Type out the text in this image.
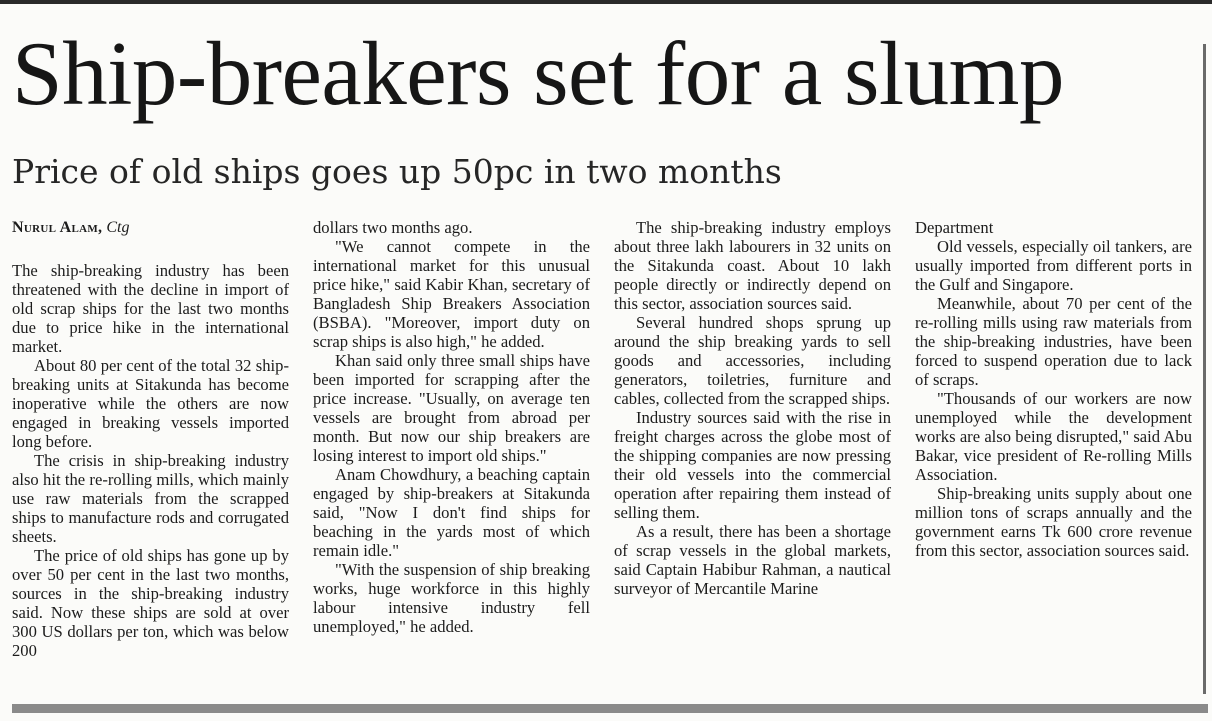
Ship-breakers set for a slump
Price of old ships goes up 50pc in two months
Nurul Alam, Ctg

The ship-breaking industry has been threatened with the decline in import of old scrap ships for the last two months due to price hike in the international market.

About 80 per cent of the total 32 ship-breaking units at Sitakunda has become inoperative while the others are now engaged in breaking vessels imported long before.

The crisis in ship-breaking industry also hit the re-rolling mills, which mainly use raw materials from the scrapped ships to manufacture rods and corrugated sheets.

The price of old ships has gone up by over 50 per cent in the last two months, sources in the ship-breaking industry said. Now these ships are sold at over 300 US dollars per ton, which was below 200

dollars two months ago.

"We cannot compete in the international market for this unusual price hike," said Kabir Khan, secretary of Bangladesh Ship Breakers Association (BSBA). "Moreover, import duty on scrap ships is also high," he added.

Khan said only three small ships have been imported for scrapping after the price increase. "Usually, on average ten vessels are brought from abroad per month. But now our ship breakers are losing interest to import old ships."

Anam Chowdhury, a beaching captain engaged by ship-breakers at Sitakunda said, "Now I don't find ships for beaching in the yards most of which remain idle."

"With the suspension of ship breaking works, huge workforce in this highly labour intensive industry fell unemployed," he added.

The ship-breaking industry employs about three lakh labourers in 32 units on the Sitakunda coast. About 10 lakh people directly or indirectly depend on this sector, association sources said.

Several hundred shops sprung up around the ship breaking yards to sell goods and accessories, including generators, toiletries, furniture and cables, collected from the scrapped ships.

Industry sources said with the rise in freight charges across the globe most of the shipping companies are now pressing their old vessels into the commercial operation after repairing them instead of selling them.

As a result, there has been a shortage of scrap vessels in the global markets, said Captain Habibur Rahman, a nautical surveyor of Mercantile Marine

Department

Old vessels, especially oil tankers, are usually imported from different ports in the Gulf and Singapore.

Meanwhile, about 70 per cent of the re-rolling mills using raw materials from the ship-breaking industries, have been forced to suspend operation due to lack of scraps.

"Thousands of our workers are now unemployed while the development works are also being disrupted," said Abu Bakar, vice president of Re-rolling Mills Association.

Ship-breaking units supply about one million tons of scraps annually and the government earns Tk 600 crore revenue from this sector, association sources said.
